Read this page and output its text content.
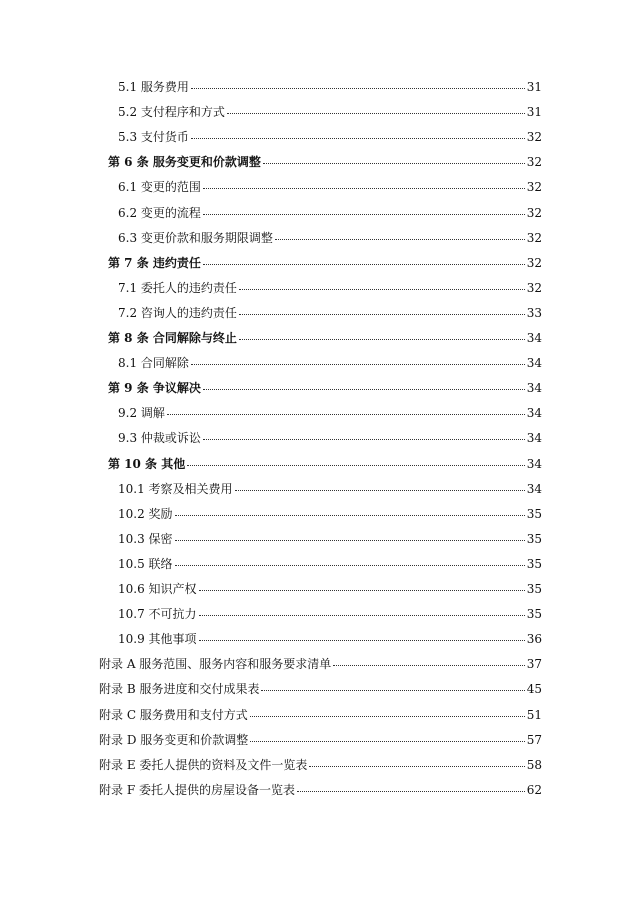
5.1 服务费用	31
5.2 支付程序和方式	31
5.3 支付货币	32
第 6 条 服务变更和价款调整	32
6.1 变更的范围	32
6.2 变更的流程	32
6.3 变更价款和服务期限调整	32
第 7 条 违约责任	32
7.1 委托人的违约责任	32
7.2 咨询人的违约责任	33
第 8 条 合同解除与终止	34
8.1 合同解除	34
第 9 条 争议解决	34
9.2 调解	34
9.3 仲裁或诉讼	34
第 10 条 其他	34
10.1 考察及相关费用	34
10.2 奖励	35
10.3 保密	35
10.5 联络	35
10.6 知识产权	35
10.7 不可抗力	35
10.9 其他事项	36
附录 A 服务范围、服务内容和服务要求清单	37
附录 B 服务进度和交付成果表	45
附录 C 服务费用和支付方式	51
附录 D 服务变更和价款调整	57
附录 E 委托人提供的资料及文件一览表	58
附录 F 委托人提供的房屋设备一览表	62
